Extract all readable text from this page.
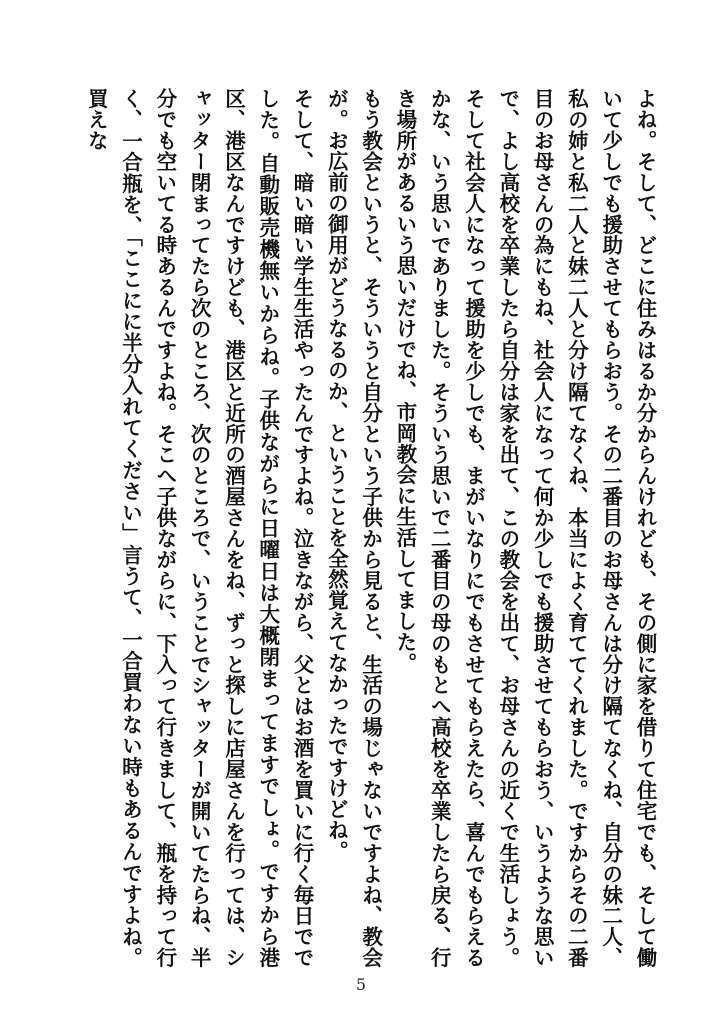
よね。そして、どこに住みはるか分からんけれども、その側に家を借りて住宅でも、そして働いて少しでも援助させてもらおう。その二番目のお母さんは分け隔てなくね、自分の妹二人、私の姉と私二人と妹二人と分け隔てなくね、本当によく育ててくれました。ですからその二番目のお母さんの為にもね、社会人になって何か少しでも援助させてもらおう、いうような思いで、よし高校を卒業したら自分は家を出て、この教会を出て、お母さんの近くで生活しょう。そして社会人になって援助を少しでも、まがいなりにでもさせてもらえたら、喜んでもらえるかな、いう思いでありました。そういう思いで二番目の母のもとへ高校を卒業したら戻る、行き場所があるいう思いだけでね、市岡教会に生活してました。

もう教会というと、そういうと自分という子供から見ると、生活の場じゃないですよね、教会が。お広前の御用がどうなるのか、ということを全然覚えてなかったですけどね。

そして、暗い暗い学生生活やったんですよね。泣きながら、父とはお酒を買いに行く毎日ででした。自動販売機無いからね。子供ながらに日曜日は大概閉まってますでしょ。ですから港区、港区なんですけども、港区と近所の酒屋さんをね、ずっと探しに店屋さんを行っては、シャッター閉まってたら次のところ、次のところで、いうことでシャッターが開いてたらね、半分でも空いてる時あるんですよね。そこへ子供ながらに、下入って行きまして、瓶を持って行く、一合瓶を、「ここにに半分入れてください」言うて、一合買わない時もあるんですよね。買えな

5
